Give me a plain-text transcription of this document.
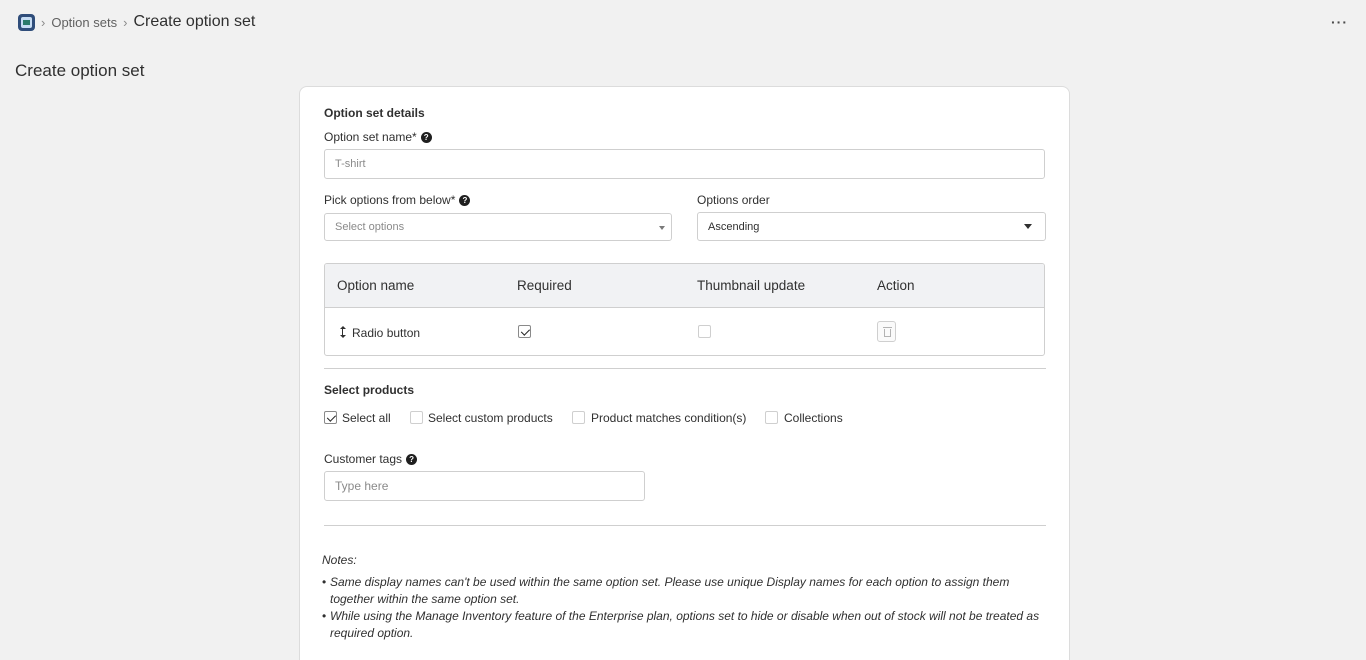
› Option sets › Create option set	···
Create option set
Option set details
Option set name* ?
T-shirt
Pick options from below* ?
Select options
Options order
Ascending
Option name	Required	Thumbnail update	Action
Radio button
Select products
Select all	Select custom products	Product matches condition(s)	Collections
Customer tags ?
Type here
Notes:
• Same display names can't be used within the same option set. Please use unique Display names for each option to assign them together within the same option set.
• While using the Manage Inventory feature of the Enterprise plan, options set to hide or disable when out of stock will not be treated as required option.
